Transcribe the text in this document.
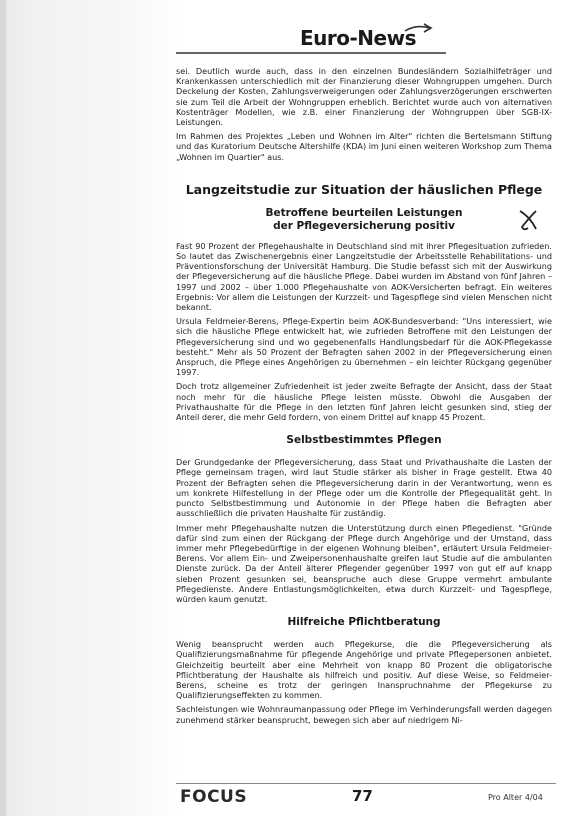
Euro-News

sei. Deutlich wurde auch, dass in den einzelnen Bundesländern Sozialhilfeträger und Krankenkassen unterschiedlich mit der Finanzierung dieser Wohngruppen umgehen. Durch Deckelung der Kosten, Zahlungsverweigerungen oder Zahlungsverzögerungen erschwerten sie zum Teil die Arbeit der Wohngruppen erheblich. Berichtet wurde auch von alternativen Kostenträger Modellen, wie z.B. einer Finanzierung der Wohngruppen über SGB-IX-Leistungen.

Im Rahmen des Projektes „Leben und Wohnen im Alter" richten die Bertelsmann Stiftung und das Kuratorium Deutsche Altershilfe (KDA) im Juni einen weiteren Workshop zum Thema „Wohnen im Quartier" aus.

Langzeitstudie zur Situation der häuslichen Pflege
Betroffene beurteilen Leistungen
der Pflegeversicherung positiv

Fast 90 Prozent der Pflegehaushalte in Deutschland sind mit ihrer Pflegesituation zufrieden. So lautet das Zwischenergebnis einer Langzeitstudie der Arbeitsstelle Rehabilitations- und Präventionsforschung der Universität Hamburg. Die Studie befasst sich mit der Auswirkung der Pflegeversicherung auf die häusliche Pflege. Dabei wurden im Abstand von fünf Jahren – 1997 und 2002 – über 1.000 Pflegehaushalte von AOK-Versicherten befragt. Ein weiteres Ergebnis: Vor allem die Leistungen der Kurzzeit- und Tagespflege sind vielen Menschen nicht bekannt.

Ursula Feldmeier-Berens, Pflege-Expertin beim AOK-Bundesverband: "Uns interessiert, wie sich die häusliche Pflege entwickelt hat, wie zufrieden Betroffene mit den Leistungen der Pflegeversicherung sind und wo gegebenenfalls Handlungsbedarf für die AOK-Pflegekasse besteht." Mehr als 50 Prozent der Befragten sahen 2002 in der Pflegeversicherung einen Anspruch, die Pflege eines Angehörigen zu übernehmen – ein leichter Rückgang gegenüber 1997.

Doch trotz allgemeiner Zufriedenheit ist jeder zweite Befragte der Ansicht, dass der Staat noch mehr für die häusliche Pflege leisten müsste. Obwohl die Ausgaben der Privathaushalte für die Pflege in den letzten fünf Jahren leicht gesunken sind, stieg der Anteil derer, die mehr Geld fordern, von einem Drittel auf knapp 45 Prozent.

Selbstbestimmtes Pflegen

Der Grundgedanke der Pflegeversicherung, dass Staat und Privathaushalte die Lasten der Pflege gemeinsam tragen, wird laut Studie stärker als bisher in Frage gestellt. Etwa 40 Prozent der Befragten sehen die Pflegeversicherung darin in der Verantwortung, wenn es um konkrete Hilfestellung in der Pflege oder um die Kontrolle der Pflegequalität geht. In puncto Selbstbestimmung und Autonomie in der Pflege haben die Befragten aber ausschließlich die privaten Haushalte für zuständig.

Immer mehr Pflegehaushalte nutzen die Unterstützung durch einen Pflegedienst. "Gründe dafür sind zum einen der Rückgang der Pflege durch Angehörige und der Umstand, dass immer mehr Pflegebedürftige in der eigenen Wohnung bleiben", erläutert Ursula Feldmeier-Berens. Vor allem Ein- und Zweipersonenhaushalte greifen laut Studie auf die ambulanten Dienste zurück. Da der Anteil älterer Pflegender gegenüber 1997 von gut elf auf knapp sieben Prozent gesunken sei, beanspruche auch diese Gruppe vermehrt ambulante Pflegedienste. Andere Entlastungsmöglichkeiten, etwa durch Kurzzeit- und Tagespflege, würden kaum genutzt.

Hilfreiche Pflichtberatung

Wenig beansprucht werden auch Pflegekurse, die die Pflegeversicherung als Qualifizierungsmaßnahme für pflegende Angehörige und private Pflegepersonen anbietet. Gleichzeitig beurteilt aber eine Mehrheit von knapp 80 Prozent die obligatorische Pflichtberatung der Haushalte als hilfreich und positiv. Auf diese Weise, so Feldmeier-Berens, scheine es trotz der geringen Inanspruchnahme der Pflegekurse zu Qualifizierungseffekten zu kommen.

Sachleistungen wie Wohnraumanpassung oder Pflege im Verhinderungsfall werden dagegen zunehmend stärker beansprucht, bewegen sich aber auf niedrigem Ni-

FOCUS	77	Pro Alter 4/04
